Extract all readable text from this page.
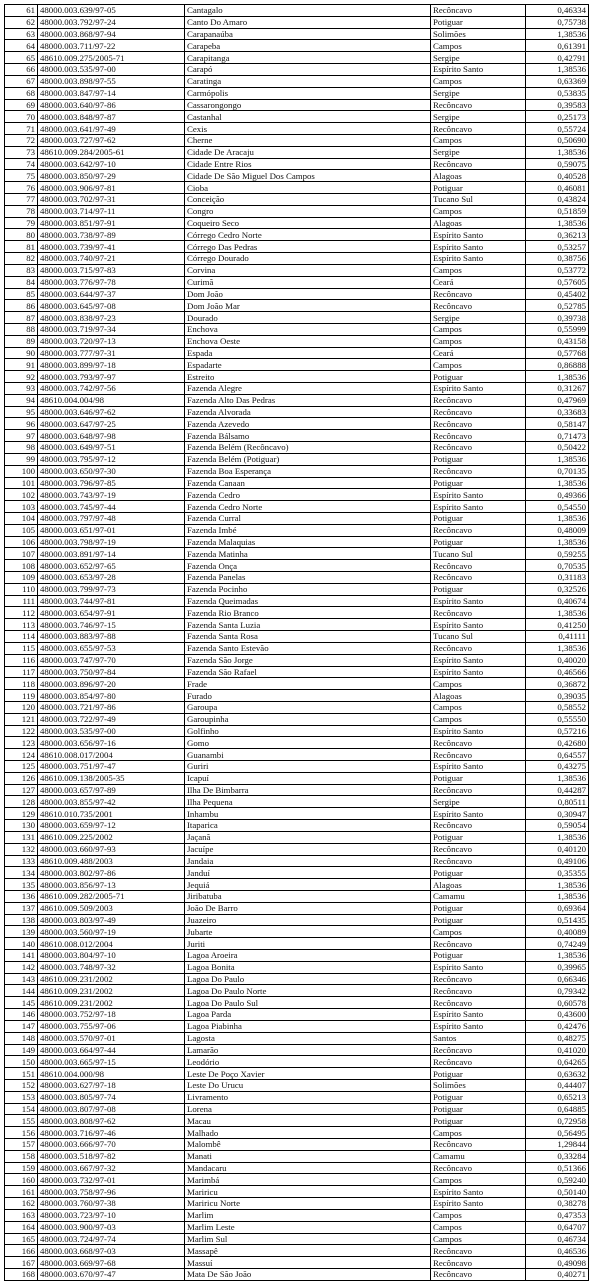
61	48000.003.639/97-05	Cantagalo	Recôncavo	0,46334
62	48000.003.792/97-24	Canto Do Amaro	Potiguar	0,75738
63	48000.003.868/97-94	Carapanaúba	Solimões	1,38536
64	48000.003.711/97-22	Carapeba	Campos	0,61391
65	48610.009.275/2005-71	Carapitanga	Sergipe	0,42791
66	48000.003.535/97-00	Carapó	Espírito Santo	1,38536
67	48000.003.898/97-55	Caratinga	Campos	0,63369
68	48000.003.847/97-14	Carmópolis	Sergipe	0,53835
69	48000.003.640/97-86	Cassarongongo	Recôncavo	0,39583
70	48000.003.848/97-87	Castanhal	Sergipe	0,25173
71	48000.003.641/97-49	Cexis	Recôncavo	0,55724
72	48000.003.727/97-62	Cherne	Campos	0,50690
73	48610.009.284/2005-61	Cidade De Aracaju	Sergipe	1,38536
74	48000.003.642/97-10	Cidade Entre Rios	Recôncavo	0,59075
75	48000.003.850/97-29	Cidade De São Miguel Dos Campos	Alagoas	0,40528
76	48000.003.906/97-81	Cioba	Potiguar	0,46081
77	48000.003.702/97-31	Conceição	Tucano Sul	0,43824
78	48000.003.714/97-11	Congro	Campos	0,51859
79	48000.003.851/97-91	Coqueiro Seco	Alagoas	1,38536
80	48000.003.738/97-89	Córrego Cedro Norte	Espírito Santo	0,36213
81	48000.003.739/97-41	Córrego Das Pedras	Espírito Santo	0,53257
82	48000.003.740/97-21	Córrego Dourado	Espírito Santo	0,38756
83	48000.003.715/97-83	Corvina	Campos	0,53772
84	48000.003.776/97-78	Curimã	Ceará	0,57605
85	48000.003.644/97-37	Dom João	Recôncavo	0,45402
86	48000.003.645/97-08	Dom João Mar	Recôncavo	0,52785
87	48000.003.838/97-23	Dourado	Sergipe	0,39738
88	48000.003.719/97-34	Enchova	Campos	0,55999
89	48000.003.720/97-13	Enchova Oeste	Campos	0,43158
90	48000.003.777/97-31	Espada	Ceará	0,57768
91	48000.003.899/97-18	Espadarte	Campos	0,86888
92	48000.003.793/97-97	Estreito	Potiguar	1,38536
93	48000.003.742/97-56	Fazenda Alegre	Espírito Santo	0,31267
94	48610.004.004/98	Fazenda Alto Das Pedras	Recôncavo	0,47969
95	48000.003.646/97-62	Fazenda Alvorada	Recôncavo	0,33683
96	48000.003.647/97-25	Fazenda Azevedo	Recôncavo	0,58147
97	48000.003.648/97-98	Fazenda Bálsamo	Recôncavo	0,71473
98	48000.003.649/97-51	Fazenda Belém (Recôncavo)	Recôncavo	0,50422
99	48000.003.795/97-12	Fazenda Belém (Potiguar)	Potiguar	1,38536
100	48000.003.650/97-30	Fazenda Boa Esperança	Recôncavo	0,70135
101	48000.003.796/97-85	Fazenda Canaan	Potiguar	1,38536
102	48000.003.743/97-19	Fazenda Cedro	Espírito Santo	0,49366
103	48000.003.745/97-44	Fazenda Cedro Norte	Espírito Santo	0,54550
104	48000.003.797/97-48	Fazenda Curral	Potiguar	1,38536
105	48000.003.651/97-01	Fazenda Imbé	Recôncavo	0,48009
106	48000.003.798/97-19	Fazenda Malaquias	Potiguar	1,38536
107	48000.003.891/97-14	Fazenda Matinha	Tucano Sul	0,59255
108	48000.003.652/97-65	Fazenda Onça	Recôncavo	0,70535
109	48000.003.653/97-28	Fazenda Panelas	Recôncavo	0,31183
110	48000.003.799/97-73	Fazenda Pocinho	Potiguar	0,32526
111	48000.003.744/97-81	Fazenda Queimadas	Espírito Santo	0,40674
112	48000.003.654/97-91	Fazenda Rio Branco	Recôncavo	1,38536
113	48000.003.746/97-15	Fazenda Santa Luzia	Espírito Santo	0,41250
114	48000.003.883/97-88	Fazenda Santa Rosa	Tucano Sul	0,41111
115	48000.003.655/97-53	Fazenda Santo Estevão	Recôncavo	1,38536
116	48000.003.747/97-70	Fazenda São Jorge	Espírito Santo	0,40020
117	48000.003.750/97-84	Fazenda São Rafael	Espírito Santo	0,46566
118	48000.003.896/97-20	Frade	Campos	0,36872
119	48000.003.854/97-80	Furado	Alagoas	0,39035
120	48000.003.721/97-86	Garoupa	Campos	0,58552
121	48000.003.722/97-49	Garoupinha	Campos	0,55550
122	48000.003.535/97-00	Golfinho	Espírito Santo	0,57216
123	48000.003.656/97-16	Gomo	Recôncavo	0,42680
124	48610.008.017/2004	Guanambi	Recôncavo	0,64557
125	48000.003.751/97-47	Guriri	Espírito Santo	0,43275
126	48610.009.138/2005-35	Icapuí	Potiguar	1,38536
127	48000.003.657/97-89	Ilha De Bimbarra	Recôncavo	0,44287
128	48000.003.855/97-42	Ilha Pequena	Sergipe	0,80511
129	48610.010.735/2001	Inhambu	Espírito Santo	0,30947
130	48000.003.659/97-12	Itaparica	Recôncavo	0,59054
131	48610.009.225/2002	Jaçanã	Potiguar	1,38536
132	48000.003.660/97-93	Jacuípe	Recôncavo	0,40120
133	48610.009.488/2003	Jandaia	Recôncavo	0,49106
134	48000.003.802/97-86	Janduí	Potiguar	0,35355
135	48000.003.856/97-13	Jequiá	Alagoas	1,38536
136	48610.009.282/2005-71	Jiribatuba	Camamu	1,38536
137	48610.009.509/2003	João De Barro	Potiguar	0,69364
138	48000.003.803/97-49	Juazeiro	Potiguar	0,51435
139	48000.003.560/97-19	Jubarte	Campos	0,40089
140	48610.008.012/2004	Juriti	Recôncavo	0,74249
141	48000.003.804/97-10	Lagoa Aroeira	Potiguar	1,38536
142	48000.003.748/97-32	Lagoa Bonita	Espírito Santo	0,39965
143	48610.009.231/2002	Lagoa Do Paulo	Recôncavo	0,66346
144	48610.009.231/2002	Lagoa Do Paulo Norte	Recôncavo	0,79342
145	48610.009.231/2002	Lagoa Do Paulo Sul	Recôncavo	0,60578
146	48000.003.752/97-18	Lagoa Parda	Espírito Santo	0,43600
147	48000.003.755/97-06	Lagoa Piabinha	Espírito Santo	0,42476
148	48000.003.570/97-01	Lagosta	Santos	0,48275
149	48000.003.664/97-44	Lamarão	Recôncavo	0,41020
150	48000.003.665/97-15	Leodório	Recôncavo	0,64265
151	48610.004.000/98	Leste De Poço Xavier	Potiguar	0,63632
152	48000.003.627/97-18	Leste Do Urucu	Solimões	0,44407
153	48000.003.805/97-74	Livramento	Potiguar	0,65213
154	48000.003.807/97-08	Lorena	Potiguar	0,64885
155	48000.003.808/97-62	Macau	Potiguar	0,72958
156	48000.003.716/97-46	Malhado	Campos	0,56495
157	48000.003.666/97-70	Malombê	Recôncavo	1,29844
158	48000.003.518/97-82	Manati	Camamu	0,33284
159	48000.003.667/97-32	Mandacaru	Recôncavo	0,51366
160	48000.003.732/97-01	Marimbá	Campos	0,59240
161	48000.003.758/97-96	Mariricu	Espírito Santo	0,50140
162	48000.003.760/97-38	Mariricu Norte	Espírito Santo	0,38278
163	48000.003.723/97-10	Marlim	Campos	0,47353
164	48000.003.900/97-03	Marlim Leste	Campos	0,64707
165	48000.003.724/97-74	Marlim Sul	Campos	0,46734
166	48000.003.668/97-03	Massapê	Recôncavo	0,46536
167	48000.003.669/97-68	Massuí	Recôncavo	0,49098
168	48000.003.670/97-47	Mata De São João	Recôncavo	0,40271
